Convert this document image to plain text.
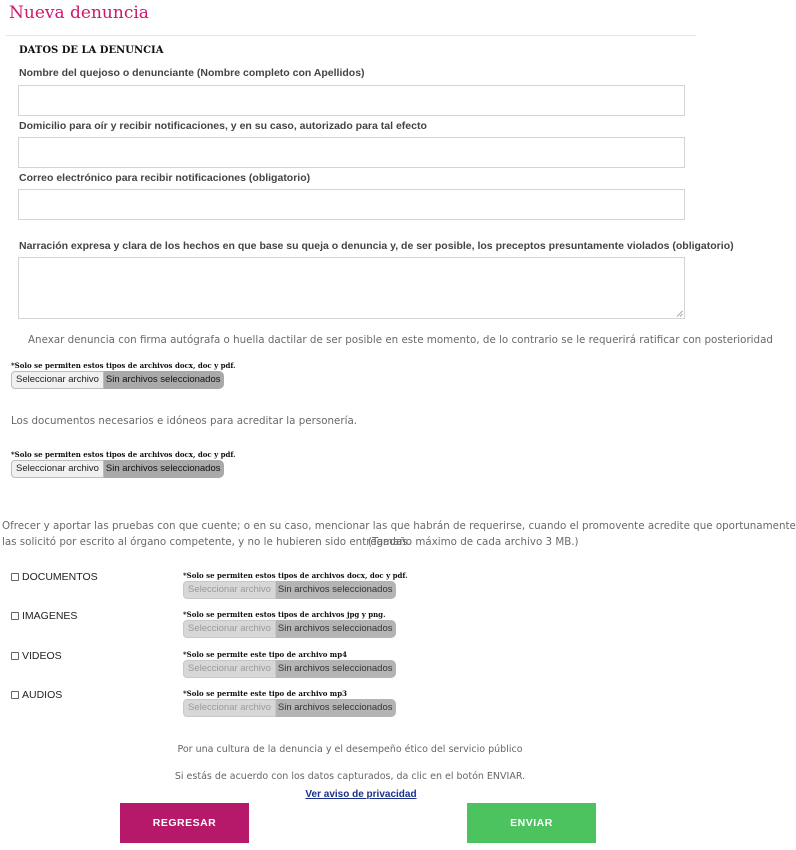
Nueva denuncia
DATOS DE LA DENUNCIA
Nombre del quejoso o denunciante (Nombre completo con Apellidos)
Domicilio para oír y recibir notificaciones, y en su caso, autorizado para tal efecto
Correo electrónico para recibir notificaciones (obligatorio)
Narración expresa y clara de los hechos en que base su queja o denuncia y, de ser posible, los preceptos presuntamente violados (obligatorio)
Anexar denuncia con firma autógrafa o huella dactilar de ser posible en este momento, de lo contrario se le requerirá ratificar con posterioridad
*Solo se permiten estos tipos de archivos docx, doc y pdf.
Seleccionar archivo Sin archivos seleccionados
Los documentos necesarios e idóneos para acreditar la personería.
*Solo se permiten estos tipos de archivos docx, doc y pdf.
Seleccionar archivo Sin archivos seleccionados
Ofrecer y aportar las pruebas con que cuente; o en su caso, mencionar las que habrán de requerirse, cuando el promovente acredite que oportunamente
las solicitó por escrito al órgano competente, y no le hubieren sido entregadas.
(Tamaño máximo de cada archivo 3 MB.)
DOCUMENTOS	*Solo se permiten estos tipos de archivos docx, doc y pdf.
Seleccionar archivo Sin archivos seleccionados
IMAGENES	*Solo se permiten estos tipos de archivos jpg y png.
Seleccionar archivo Sin archivos seleccionados
VIDEOS	*Solo se permite este tipo de archivo mp4
Seleccionar archivo Sin archivos seleccionados
AUDIOS	*Solo se permite este tipo de archivo mp3
Seleccionar archivo Sin archivos seleccionados
Por una cultura de la denuncia y el desempeño ético del servicio público
Si estás de acuerdo con los datos capturados, da clic en el botón ENVIAR.
Ver aviso de privacidad
REGRESAR	ENVIAR
